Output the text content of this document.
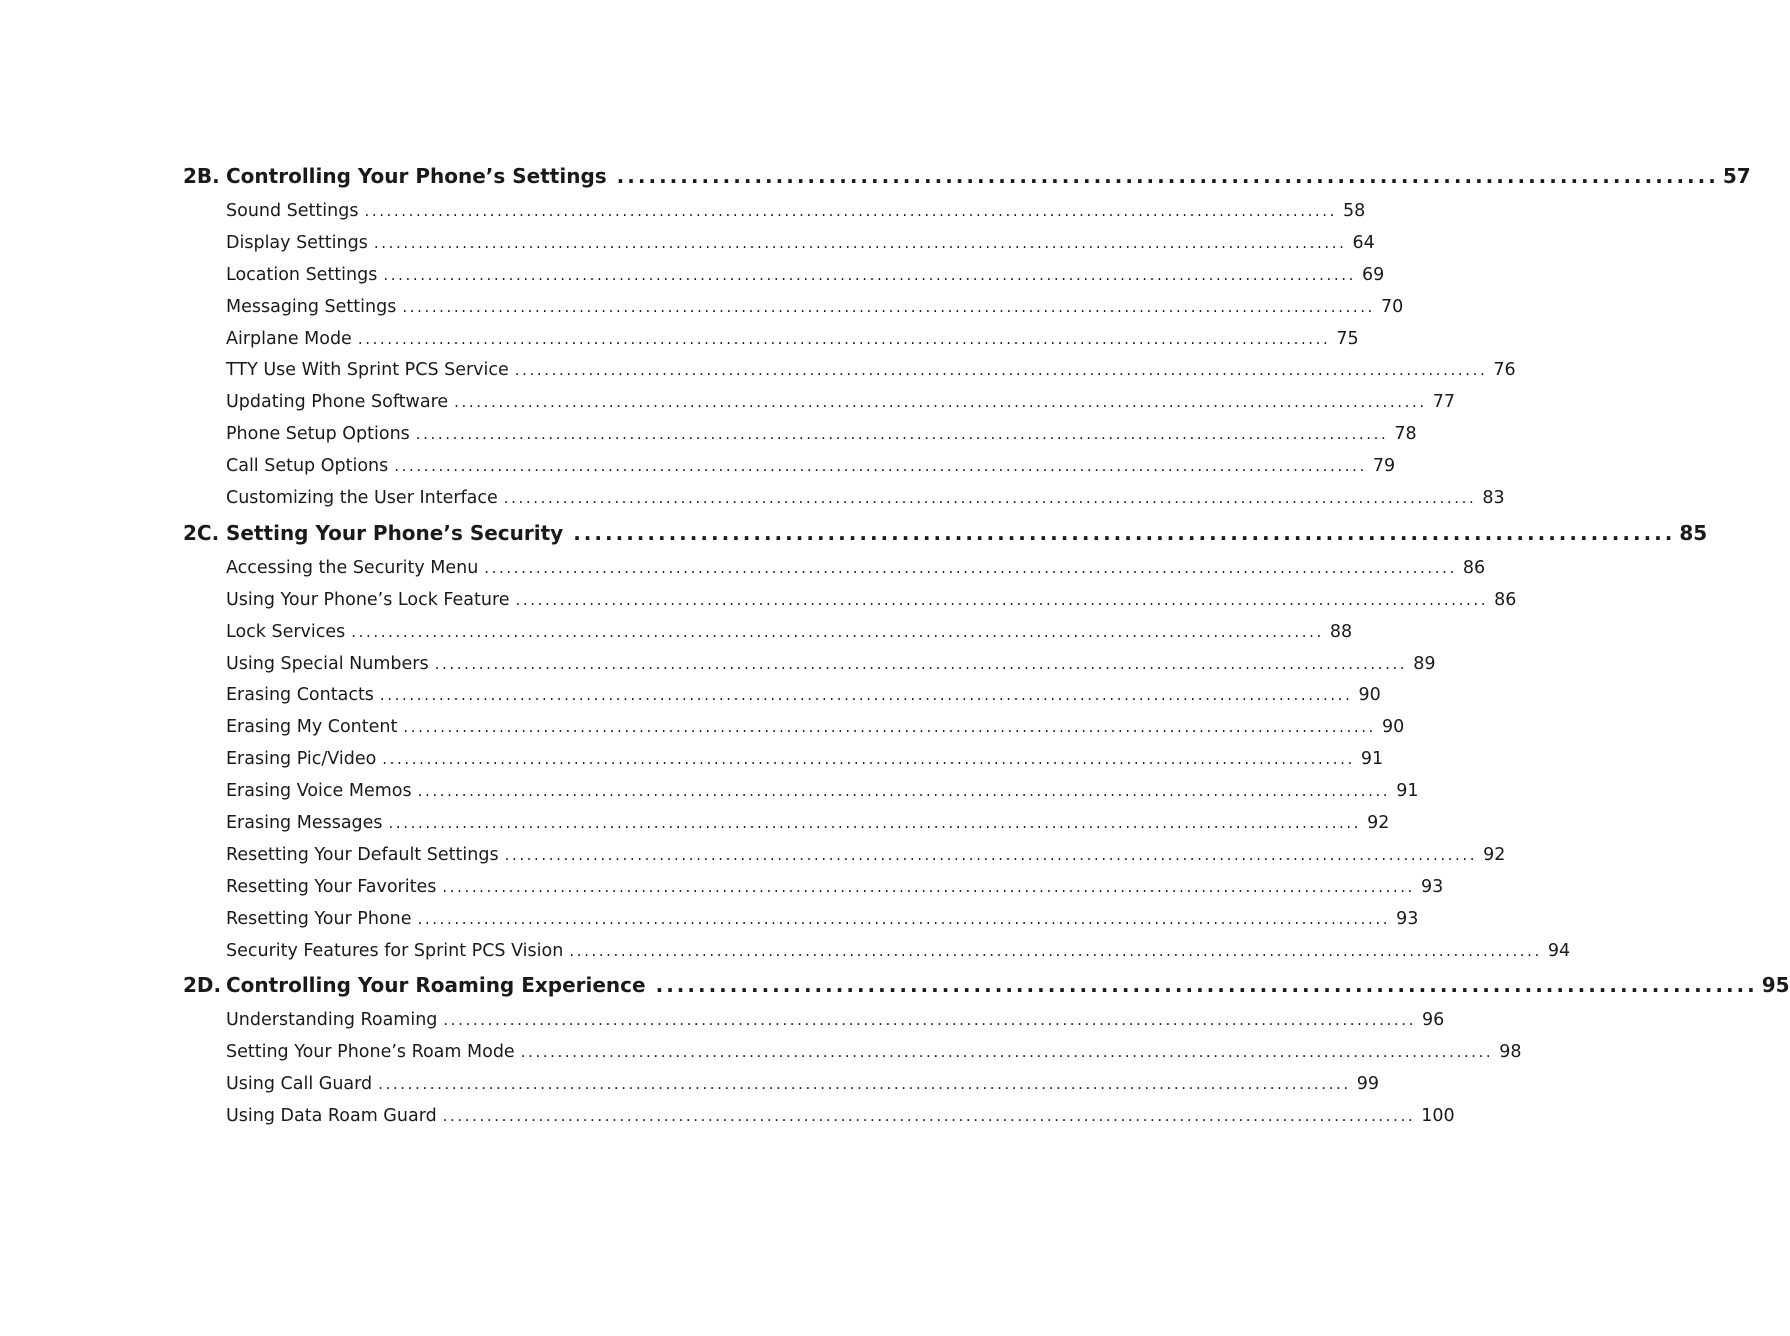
2B. Controlling Your Phone’s Settings ........................................................................................................ 57
Sound Settings .................................................................................................................................... 58
Display Settings .................................................................................................................................... 64
Location Settings .................................................................................................................................... 69
Messaging Settings .................................................................................................................................... 70
Airplane Mode .................................................................................................................................... 75
TTY Use With Sprint PCS Service .................................................................................................................................... 76
Updating Phone Software .................................................................................................................................... 77
Phone Setup Options .................................................................................................................................... 78
Call Setup Options .................................................................................................................................... 79
Customizing the User Interface .................................................................................................................................... 83
2C. Setting Your Phone’s Security ........................................................................................................ 85
Accessing the Security Menu .................................................................................................................................... 86
Using Your Phone’s Lock Feature .................................................................................................................................... 86
Lock Services .................................................................................................................................... 88
Using Special Numbers .................................................................................................................................... 89
Erasing Contacts .................................................................................................................................... 90
Erasing My Content .................................................................................................................................... 90
Erasing Pic/Video .................................................................................................................................... 91
Erasing Voice Memos .................................................................................................................................... 91
Erasing Messages .................................................................................................................................... 92
Resetting Your Default Settings .................................................................................................................................... 92
Resetting Your Favorites .................................................................................................................................... 93
Resetting Your Phone .................................................................................................................................... 93
Security Features for Sprint PCS Vision .................................................................................................................................... 94
2D. Controlling Your Roaming Experience ........................................................................................................ 95
Understanding Roaming .................................................................................................................................... 96
Setting Your Phone’s Roam Mode .................................................................................................................................... 98
Using Call Guard .................................................................................................................................... 99
Using Data Roam Guard .................................................................................................................................... 100
